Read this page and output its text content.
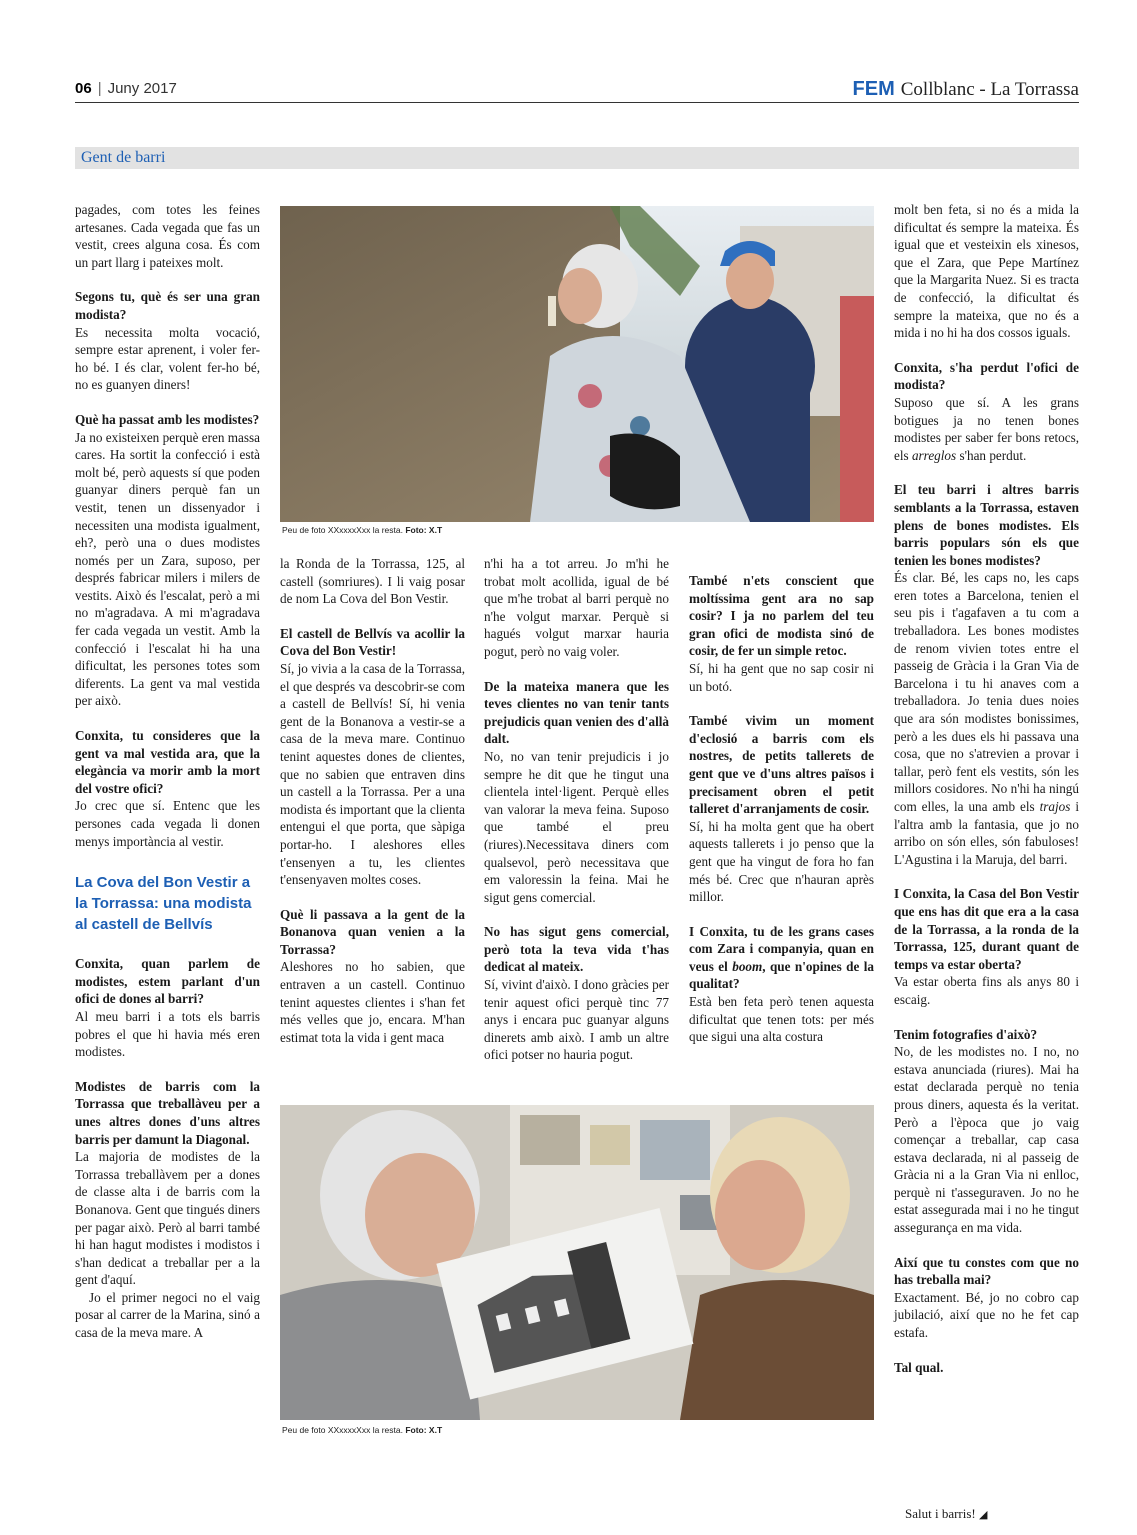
06 | Juny 2017	FEM Collblanc - La Torrassa
Gent de barri

pagades, com totes les feines artesanes. Cada vegada que fas un vestit, crees alguna cosa. És com un part llarg i pateixes molt.

Segons tu, què és ser una gran modista?
Es necessita molta vocació, sempre estar aprenent, i voler fer-ho bé. I és clar, volent fer-ho bé, no es guanyen diners!

Què ha passat amb les modistes?
Ja no existeixen perquè eren massa cares. Ha sortit la confecció i està molt bé, però aquests sí que poden guanyar diners perquè fan un vestit, tenen un dissenyador i necessiten una modista igualment, eh?, però una o dues modistes només per un Zara, suposo, per després fabricar milers i milers de vestits. Això és l'escalat, però a mi no m'agradava. A mi m'agradava fer cada vegada un vestit. Amb la confecció i l'escalat hi ha una dificultat, les persones totes som diferents. La gent va mal vestida per això.

Conxita, tu consideres que la gent va mal vestida ara, que la elegància va morir amb la mort del vostre ofici?
Jo crec que sí. Entenc que les persones cada vegada li donen menys importància al vestir.

La Cova del Bon Vestir a la Torrassa: una modista al castell de Bellvís

Conxita, quan parlem de modistes, estem parlant d'un ofici de dones al barri?
Al meu barri i a tots els barris pobres el que hi havia més eren modistes.

Modistes de barris com la Torrassa que treballàveu per a unes altres dones d'uns altres barris per damunt la Diagonal.
La majoria de modistes de la Torrassa treballàvem per a dones de classe alta i de barris com la Bonanova. Gent que tingués diners per pagar això. Però al barri també hi han hagut modistes i modistos i s'han dedicat a treballar per a la gent d'aquí.

Jo el primer negoci no el vaig posar al carrer de la Marina, sinó a casa de la meva mare. A

Peu de foto XXxxxxXxx la resta. Foto: X.T

la Ronda de la Torrassa, 125, al castell (somriures). I li vaig posar de nom La Cova del Bon Vestir.

El castell de Bellvís va acollir la Cova del Bon Vestir!
Sí, jo vivia a la casa de la Torrassa, el que després va descobrir-se com a castell de Bellvís! Sí, hi venia gent de la Bonanova a vestir-se a casa de la meva mare. Continuo tenint aquestes dones de clientes, que no sabien que entraven dins un castell a la Torrassa. Per a una modista és important que la clienta entengui el que porta, que sàpiga portar-ho. I aleshores elles t'ensenyen a tu, les clientes t'ensenyaven moltes coses.

Què li passava a la gent de la Bonanova quan venien a la Torrassa?
Aleshores no ho sabien, que entraven a un castell. Continuo tenint aquestes clientes i s'han fet més velles que jo, encara. M'han estimat tota la vida i gent maca

n'hi ha a tot arreu. Jo m'hi he trobat molt acollida, igual de bé que m'he trobat al barri perquè no n'he volgut marxar. Perquè si hagués volgut marxar hauria pogut, però no vaig voler.

De la mateixa manera que les teves clientes no van tenir tants prejudicis quan venien des d'allà dalt.
No, no van tenir prejudicis i jo sempre he dit que he tingut una clientela intel·ligent. Perquè elles van valorar la meva feina. Suposo que també el preu (riures).Necessitava diners com qualsevol, però necessitava que em valoressin la feina. Mai he sigut gens comercial.

No has sigut gens comercial, però tota la teva vida t'has dedicat al mateix.
Sí, vivint d'això. I dono gràcies per tenir aquest ofici perquè tinc 77 anys i encara puc guanyar alguns dinerets amb això. I amb un altre ofici potser no hauria pogut.

També n'ets conscient que moltíssima gent ara no sap cosir? I ja no parlem del teu gran ofici de modista sinó de cosir, de fer un simple retoc.
Sí, hi ha gent que no sap cosir ni un botó.

També vivim un moment d'eclosió a barris com els nostres, de petits tallerets de gent que ve d'uns altres països i precisament obren el petit talleret d'arranjaments de cosir.
Sí, hi ha molta gent que ha obert aquests tallerets i jo penso que la gent que ha vingut de fora ho fan més bé. Crec que n'hauran après millor.

I Conxita, tu de les grans cases com Zara i companyia, quan en veus el boom, que n'opines de la qualitat?
Està ben feta però tenen aquesta dificultat que tenen tots: per més que sigui una alta costura

Peu de foto XXxxxxXxx la resta. Foto: X.T

molt ben feta, si no és a mida la dificultat és sempre la mateixa. És igual que et vesteixin els xinesos, que el Zara, que Pepe Martínez que la Margarita Nuez. Si es tracta de confecció, la dificultat és sempre la mateixa, que no és a mida i no hi ha dos cossos iguals.

Conxita, s'ha perdut l'ofici de modista?
Suposo que sí. A les grans botigues ja no tenen bones modistes per saber fer bons retocs, els arreglos s'han perdut.

El teu barri i altres barris semblants a la Torrassa, estaven plens de bones modistes. Els barris populars són els que tenien les bones modistes?
És clar. Bé, les caps no, les caps eren totes a Barcelona, tenien el seu pis i t'agafaven a tu com a treballadora. Les bones modistes de renom vivien totes entre el passeig de Gràcia i la Gran Via de Barcelona i tu hi anaves com a treballadora. Jo tenia dues noies que ara són modistes bonissimes, però a les dues els hi passava una cosa, que no s'atrevien a provar i tallar, però fent els vestits, són les millors cosidores. No n'hi ha ningú com elles, la una amb els trajos i l'altra amb la fantasia, que jo no arribo on són elles, són fabuloses! L'Agustina i la Maruja, del barri.

I Conxita, la Casa del Bon Vestir que ens has dit que era a la casa de la Torrassa, a la ronda de la Torrassa, 125, durant quant de temps va estar oberta?
Va estar oberta fins als anys 80 i escaig.

Tenim fotografies d'això?
No, de les modistes no. I no, no estava anunciada (riures). Mai ha estat declarada perquè no tenia prous diners, aquesta és la veritat. Però a l'època que jo vaig començar a treballar, cap casa estava declarada, ni al passeig de Gràcia ni a la Gran Via ni enlloc, perquè ni t'asseguraven. Jo no he estat assegurada mai i no he tingut assegurança en ma vida.

Així que tu constes com que no has treballa mai?
Exactament. Bé, jo no cobro cap jubilació, així que no he fet cap estafa.

Tal qual.

Salut i barris! ◢
